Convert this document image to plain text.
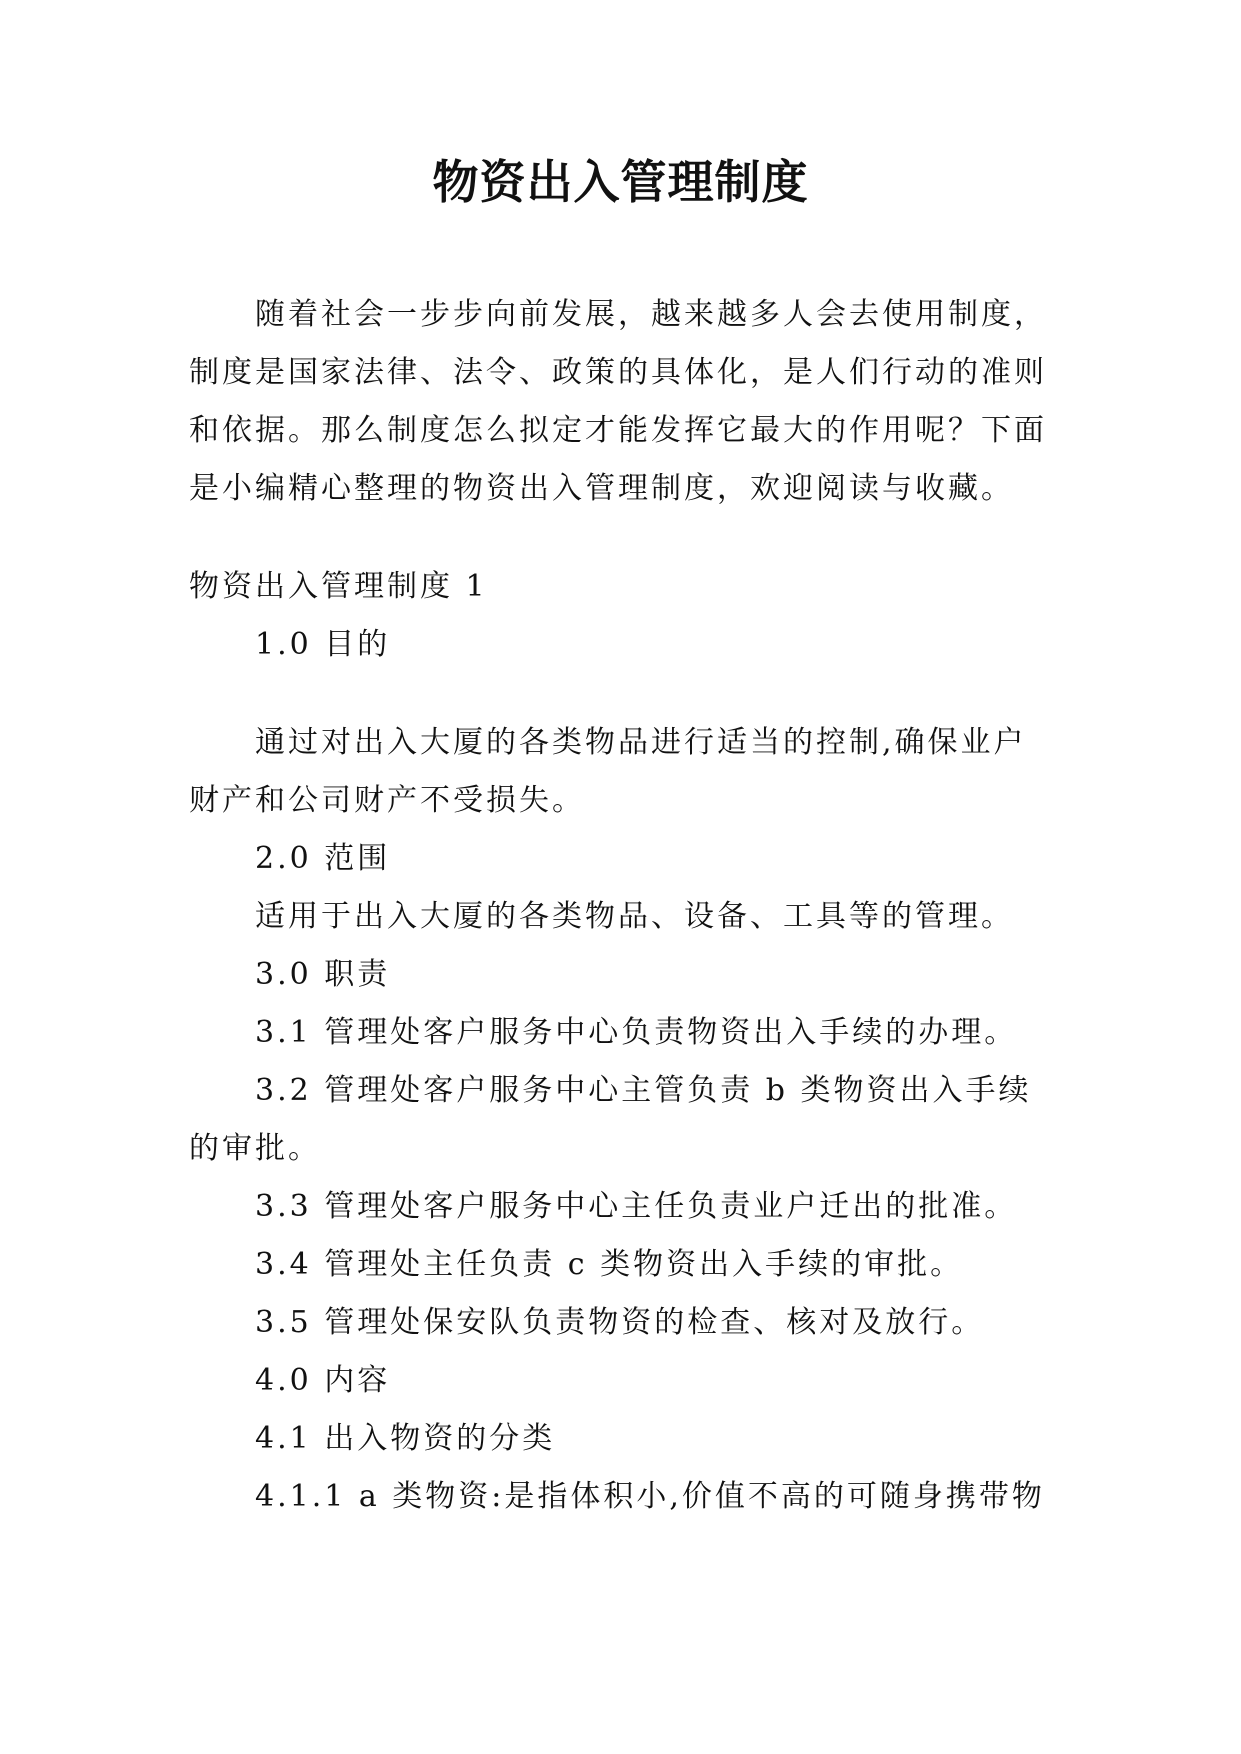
物资出入管理制度

随着社会一步步向前发展，越来越多人会去使用制度，制度是国家法律、法令、政策的具体化，是人们行动的准则和依据。那么制度怎么拟定才能发挥它最大的作用呢？下面是小编精心整理的物资出入管理制度，欢迎阅读与收藏。

物资出入管理制度 1

1.0 目的

通过对出入大厦的各类物品进行适当的控制,确保业户财产和公司财产不受损失。

2.0 范围

适用于出入大厦的各类物品、设备、工具等的管理。

3.0 职责

3.1 管理处客户服务中心负责物资出入手续的办理。

3.2 管理处客户服务中心主管负责 b 类物资出入手续的审批。

3.3 管理处客户服务中心主任负责业户迁出的批准。

3.4 管理处主任负责 c 类物资出入手续的审批。

3.5 管理处保安队负责物资的检查、核对及放行。

4.0 内容

4.1 出入物资的分类

4.1.1 a 类物资:是指体积小,价值不高的可随身携带物
